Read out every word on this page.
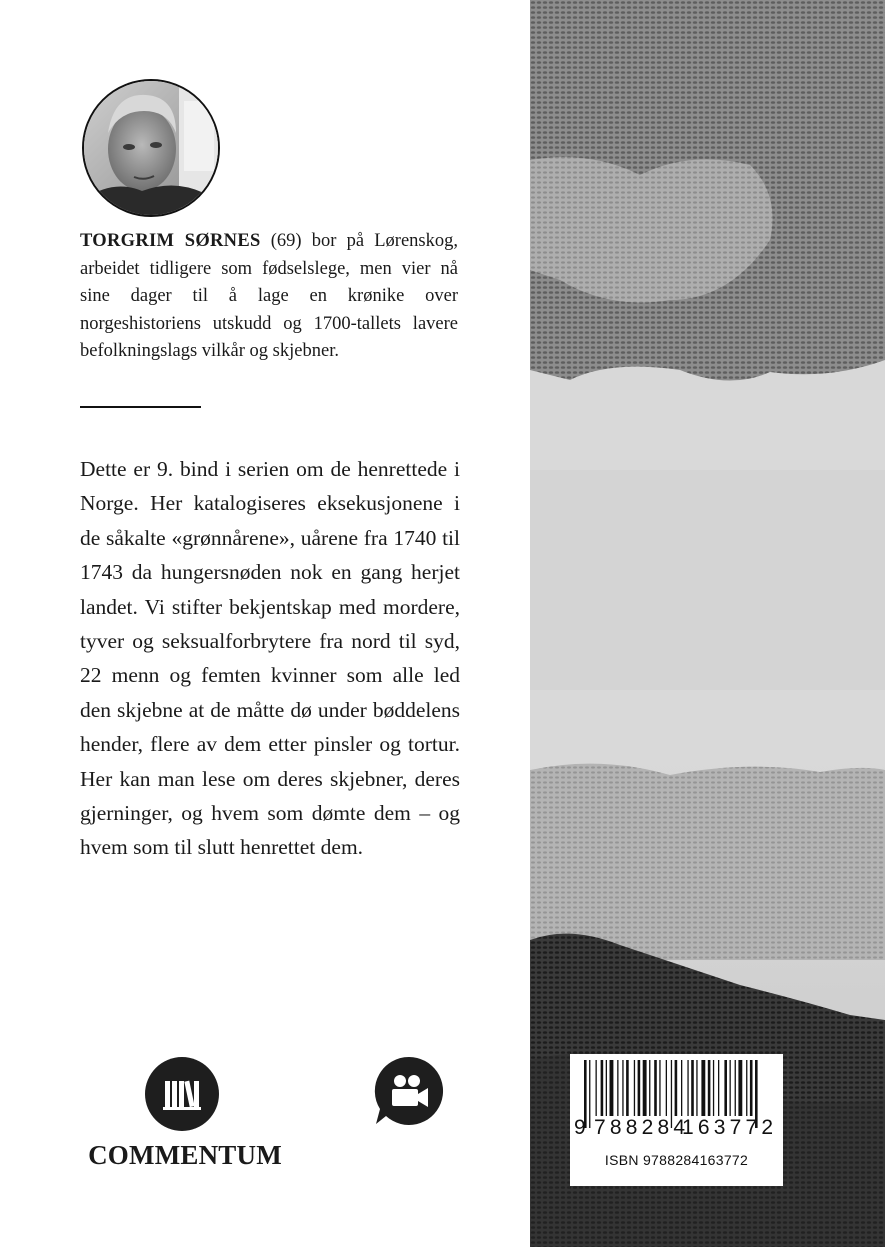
TORGRIM SØRNES (69) bor på Lørenskog, arbeidet tidligere som fødselslege, men vier nå sine dager til å lage en krønike over norgeshistoriens utskudd og 1700-tallets lavere befolkningslags vilkår og skjebner.

Dette er 9. bind i serien om de henrettede i Norge. Her katalogiseres eksekusjonene i de såkalte «grønnårene», uårene fra 1740 til 1743 da hungersnøden nok en gang herjet landet. Vi stifter bekjentskap med mordere, tyver og seksualforbrytere fra nord til syd, 22 menn og femten kvinner som alle led den skjebne at de måtte dø under bøddelens hender, flere av dem etter pinsler og tortur. Her kan man lese om deres skjebner, deres gjerninger, og hvem som dømte dem – og hvem som til slutt henrettet dem.

COMMENTUM
9 788284
163772
ISBN 9788284163772
